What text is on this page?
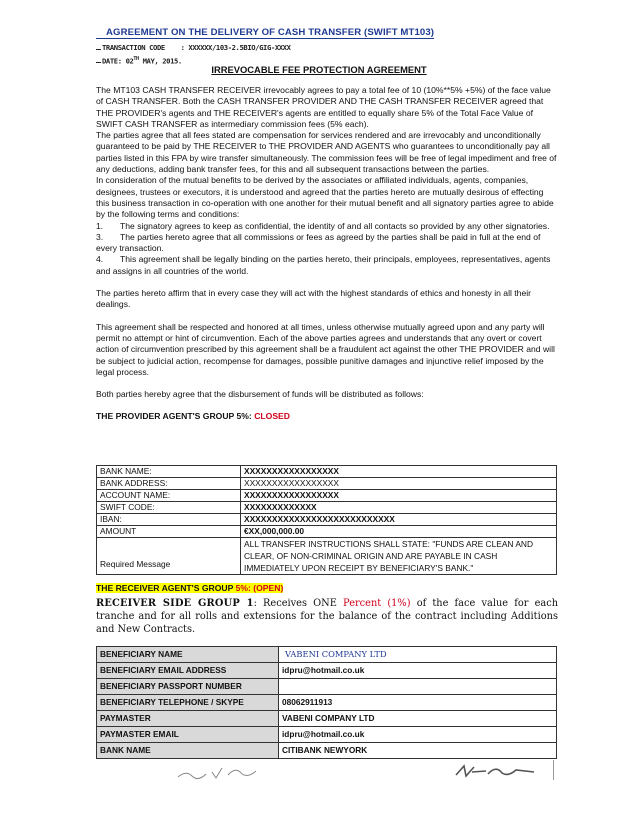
AGREEMENT ON THE DELIVERY OF CASH TRANSFER (SWIFT MT103)
TRANSACTION CODE : XXXXXX/103-2.5BIO/GIG-XXXX
DATE: 02TH MAY, 2015.
IRREVOCABLE FEE PROTECTION AGREEMENT

The MT103 CASH TRANSFER RECEIVER irrevocably agrees to pay a total fee of 10 (10%**5% +5%) of the face value of CASH TRANSFER. Both the CASH TRANSFER PROVIDER AND THE CASH TRANSFER RECEIVER agreed that THE PROVIDER's agents and THE RECEIVER's agents are entitled to equally share 5% of the Total Face Value of SWIFT CASH TRANSFER as intermediary commission fees (5% each).

The parties agree that all fees stated are compensation for services rendered and are irrevocably and unconditionally guaranteed to be paid by THE RECEIVER to THE PROVIDER AND AGENTS who guarantees to unconditionally pay all parties listed in this FPA by wire transfer simultaneously. The commission fees will be free of legal impediment and free of any deductions, adding bank transfer fees, for this and all subsequent transactions between the parties.

In consideration of the mutual benefits to be derived by the associates or affiliated individuals, agents, companies, designees, trustees or executors, it is understood and agreed that the parties hereto are mutually desirous of effecting this business transaction in co-operation with one another for their mutual benefit and all signatory parties agree to abide by the following terms and conditions:

1. The signatory agrees to keep as confidential, the identity of and all contacts so provided by any other signatories.

3. The parties hereto agree that all commissions or fees as agreed by the parties shall be paid in full at the end of every transaction.

4. This agreement shall be legally binding on the parties hereto, their principals, employees, representatives, agents and assigns in all countries of the world.

The parties hereto affirm that in every case they will act with the highest standards of ethics and honesty in all their dealings.

This agreement shall be respected and honored at all times, unless otherwise mutually agreed upon and any party will permit no attempt or hint of circumvention. Each of the above parties agrees and understands that any overt or covert action of circumvention prescribed by this agreement shall be a fraudulent act against the other THE PROVIDER and will be subject to judicial action, recompense for damages, possible punitive damages and injunctive relief imposed by the legal process.

Both parties hereby agree that the disbursement of funds will be distributed as follows:

THE PROVIDER AGENT'S GROUP 5%: CLOSED

BANK NAME:	XXXXXXXXXXXXXXXXX
BANK ADDRESS:	XXXXXXXXXXXXXXXXX
ACCOUNT NAME:	XXXXXXXXXXXXXXXXX
SWIFT CODE:	XXXXXXXXXXXXX
IBAN:	XXXXXXXXXXXXXXXXXXXXXXXXXXX
AMOUNT	€XX,000,000.00
Required Message	ALL TRANSFER INSTRUCTIONS SHALL STATE: "FUNDS ARE CLEAN AND CLEAR, OF NON-CRIMINAL ORIGIN AND ARE PAYABLE IN CASH IMMEDIATELY UPON RECEIPT BY BENEFICIARY'S BANK."
THE RECEIVER AGENT'S GROUP 5%: (OPEN)
RECEIVER SIDE GROUP 1: Receives ONE Percent (1%) of the face value for each tranche and for all rolls and extensions for the balance of the contract including Additions and New Contracts.
BENEFICIARY NAME	VABENI COMPANY LTD
BENEFICIARY EMAIL ADDRESS	idpru@hotmail.co.uk
BENEFICIARY PASSPORT NUMBER	
BENEFICIARY TELEPHONE / SKYPE	08062911913
PAYMASTER	VABENI COMPANY LTD
PAYMASTER EMAIL	idpru@hotmail.co.uk
BANK NAME	CITIBANK NEWYORK
